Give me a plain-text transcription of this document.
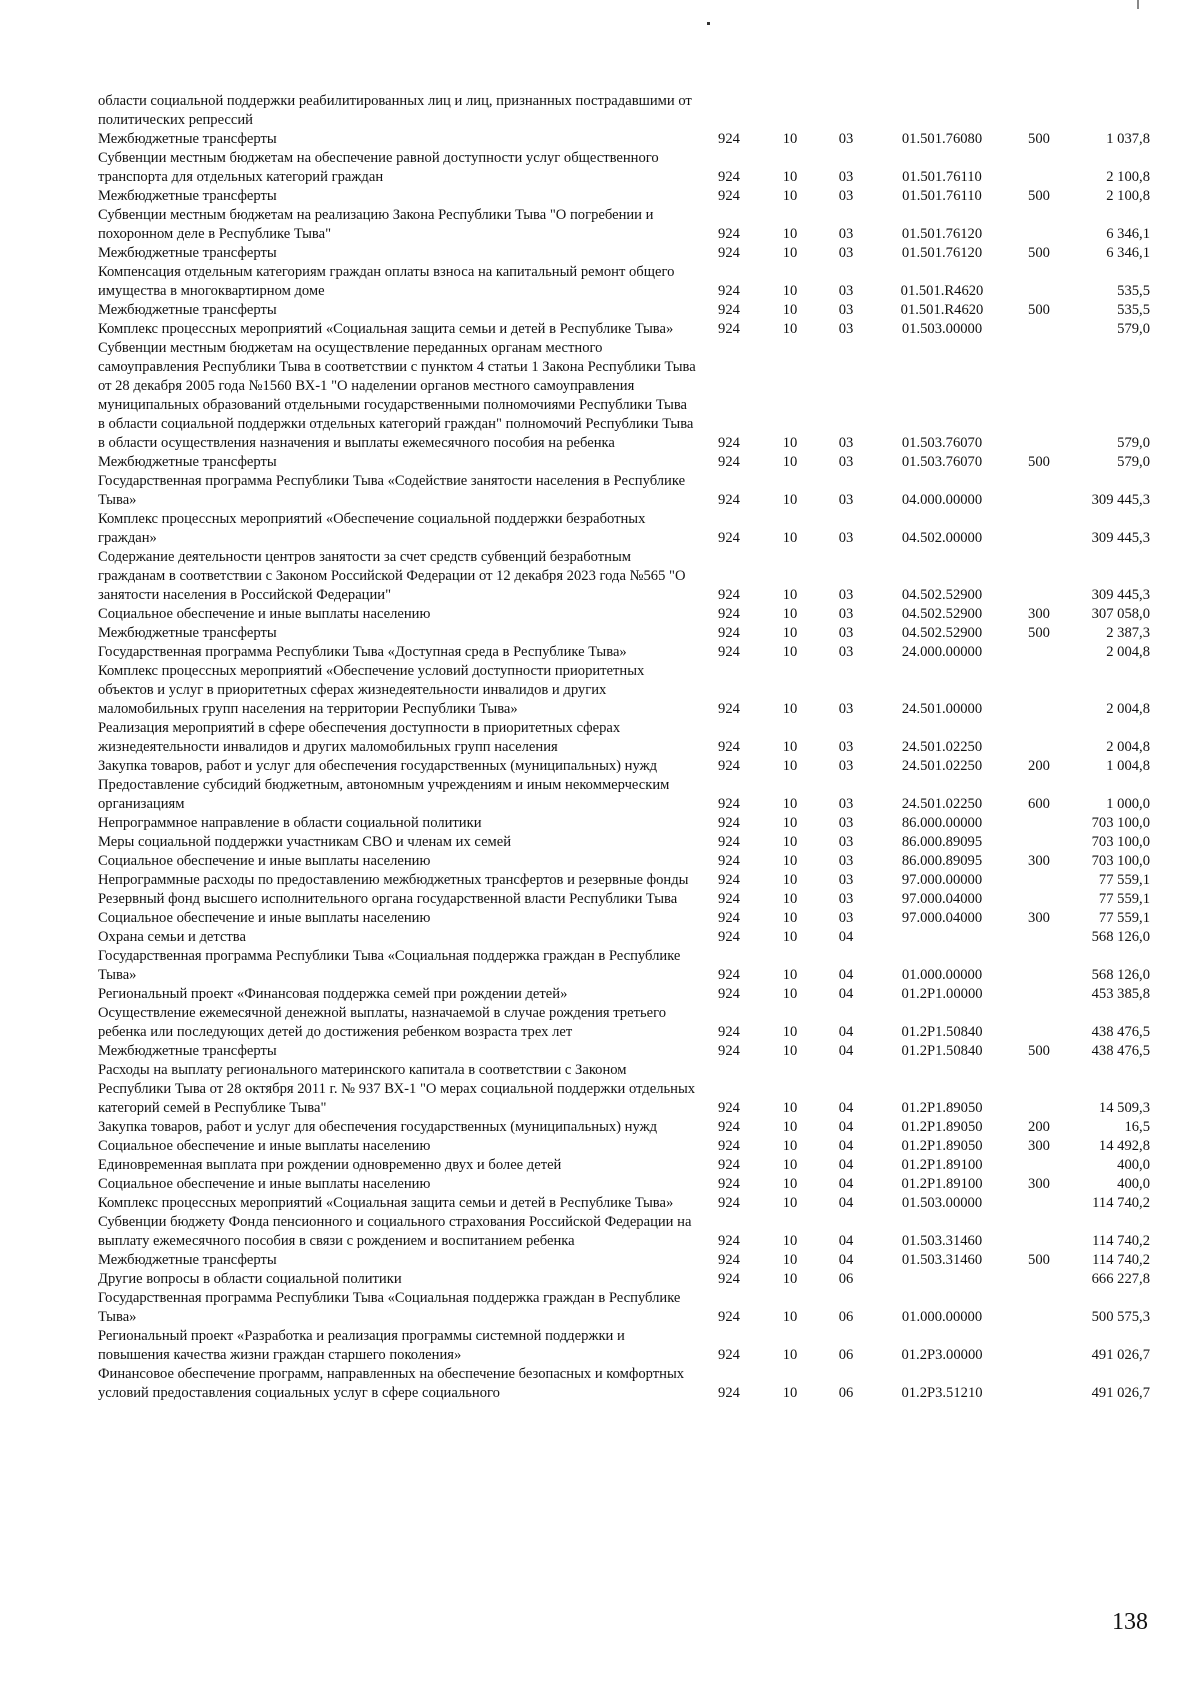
области социальной поддержки реабилитированных лиц и лиц, признанных пострадавшими от политических репрессий						
Межбюджетные трансферты	924	10	03	01.501.76080	500	1 037,8
Субвенции местным бюджетам на обеспечение равной доступности услуг общественного транспорта для отдельных категорий граждан	924	10	03	01.501.76110		2 100,8
Межбюджетные трансферты	924	10	03	01.501.76110	500	2 100,8
Субвенции местным бюджетам на реализацию Закона Республики Тыва "О погребении и похоронном деле в Республике Тыва"	924	10	03	01.501.76120		6 346,1
Межбюджетные трансферты	924	10	03	01.501.76120	500	6 346,1
Компенсация отдельным категориям граждан оплаты взноса на капитальный ремонт общего имущества в многоквартирном доме	924	10	03	01.501.R4620		535,5
Межбюджетные трансферты	924	10	03	01.501.R4620	500	535,5
Комплекс процессных мероприятий «Социальная защита семьи и детей в Республике Тыва»	924	10	03	01.503.00000		579,0
Субвенции местным бюджетам на осуществление переданных органам местного самоуправления Республики Тыва в соответствии с пунктом 4 статьи 1 Закона Республики Тыва от 28 декабря 2005 года №1560 ВХ-1 "О наделении органов местного самоуправления муниципальных образований отдельными государственными полномочиями Республики Тыва в области социальной поддержки отдельных категорий граждан" полномочий Республики Тыва в области осуществления назначения и выплаты ежемесячного пособия на ребенка	924	10	03	01.503.76070		579,0
Межбюджетные трансферты	924	10	03	01.503.76070	500	579,0
Государственная программа Республики Тыва «Содействие занятости населения в Республике Тыва»	924	10	03	04.000.00000		309 445,3
Комплекс процессных мероприятий «Обеспечение социальной поддержки безработных граждан»	924	10	03	04.502.00000		309 445,3
Содержание деятельности центров занятости за счет средств субвенций безработным гражданам в соответствии с Законом Российской Федерации от 12 декабря 2023 года №565 "О занятости населения в Российской Федерации"	924	10	03	04.502.52900		309 445,3
Социальное обеспечение и иные выплаты населению	924	10	03	04.502.52900	300	307 058,0
Межбюджетные трансферты	924	10	03	04.502.52900	500	2 387,3
Государственная программа Республики Тыва «Доступная среда в Республике Тыва»	924	10	03	24.000.00000		2 004,8
Комплекс процессных мероприятий «Обеспечение условий доступности приоритетных объектов и услуг в приоритетных сферах жизнедеятельности инвалидов и других маломобильных групп населения на территории Республики Тыва»	924	10	03	24.501.00000		2 004,8
Реализация мероприятий в сфере обеспечения доступности в приоритетных сферах жизнедеятельности инвалидов и других маломобильных групп населения	924	10	03	24.501.02250		2 004,8
Закупка товаров, работ и услуг для обеспечения государственных (муниципальных) нужд	924	10	03	24.501.02250	200	1 004,8
Предоставление субсидий бюджетным, автономным учреждениям и иным некоммерческим организациям	924	10	03	24.501.02250	600	1 000,0
Непрограммное направление в области социальной политики	924	10	03	86.000.00000		703 100,0
Меры социальной поддержки участникам СВО и членам их семей	924	10	03	86.000.89095		703 100,0
Социальное обеспечение и иные выплаты населению	924	10	03	86.000.89095	300	703 100,0
Непрограммные расходы по предоставлению межбюджетных трансфертов и резервные фонды	924	10	03	97.000.00000		77 559,1
Резервный фонд высшего исполнительного органа государственной власти Республики Тыва	924	10	03	97.000.04000		77 559,1
Социальное обеспечение и иные выплаты населению	924	10	03	97.000.04000	300	77 559,1
Охрана семьи и детства	924	10	04			568 126,0
Государственная программа Республики Тыва «Социальная поддержка граждан в Республике Тыва»	924	10	04	01.000.00000		568 126,0
Региональный проект «Финансовая поддержка семей при рождении детей»	924	10	04	01.2Р1.00000		453 385,8
Осуществление ежемесячной денежной выплаты, назначаемой в случае рождения третьего ребенка или последующих детей до достижения ребенком возраста трех лет	924	10	04	01.2Р1.50840		438 476,5
Межбюджетные трансферты	924	10	04	01.2Р1.50840	500	438 476,5
Расходы на выплату регионального материнского капитала в соответствии с Законом Республики Тыва от 28 октября 2011 г. № 937 ВХ-1 "О мерах социальной поддержки отдельных категорий семей в Республике Тыва"	924	10	04	01.2Р1.89050		14 509,3
Закупка товаров, работ и услуг для обеспечения государственных (муниципальных) нужд	924	10	04	01.2Р1.89050	200	16,5
Социальное обеспечение и иные выплаты населению	924	10	04	01.2Р1.89050	300	14 492,8
Единовременная выплата при рождении одновременно двух и более детей	924	10	04	01.2Р1.89100		400,0
Социальное обеспечение и иные выплаты населению	924	10	04	01.2Р1.89100	300	400,0
Комплекс процессных мероприятий «Социальная защита семьи и детей в Республике Тыва»	924	10	04	01.503.00000		114 740,2
Субвенции бюджету Фонда пенсионного и социального страхования Российской Федерации на выплату ежемесячного пособия в связи с рождением и воспитанием ребенка	924	10	04	01.503.31460		114 740,2
Межбюджетные трансферты	924	10	04	01.503.31460	500	114 740,2
Другие вопросы в области социальной политики	924	10	06			666 227,8
Государственная программа Республики Тыва «Социальная поддержка граждан в Республике Тыва»	924	10	06	01.000.00000		500 575,3
Региональный проект «Разработка и реализация программы системной поддержки и повышения качества жизни граждан старшего поколения»	924	10	06	01.2Р3.00000		491 026,7
Финансовое обеспечение программ, направленных на обеспечение безопасных и комфортных условий предоставления социальных услуг в сфере социального	924	10	06	01.2Р3.51210		491 026,7
138
